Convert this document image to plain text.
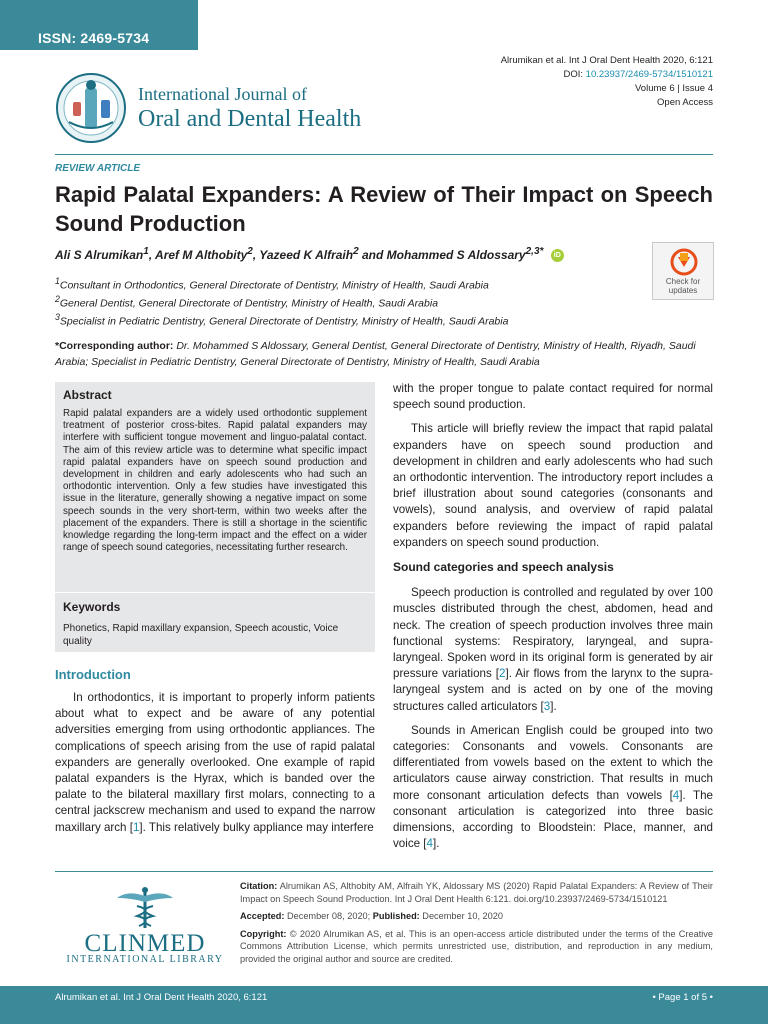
ISSN: 2469-5734
Alrumikan et al. Int J Oral Dent Health 2020, 6:121
DOI: 10.23937/2469-5734/1510121
Volume 6 | Issue 4
Open Access
International Journal of
Oral and Dental Health
REVIEW ARTICLE
Rapid Palatal Expanders: A Review of Their Impact on Speech Sound Production
Ali S Alrumikan$^1$, Aref M Althobity$^2$, Yazeed K Alfraih$^2$ and Mohammed S Aldossary$^{2,3*}$ iD
$^1$Consultant in Orthodontics, General Directorate of Dentistry, Ministry of Health, Saudi Arabia
$^2$General Dentist, General Directorate of Dentistry, Ministry of Health, Saudi Arabia
$^3$Specialist in Pediatric Dentistry, General Directorate of Dentistry, Ministry of Health, Saudi Arabia
Check for updates
*Corresponding author: Dr. Mohammed S Aldossary, General Dentist, General Directorate of Dentistry, Ministry of Health, Riyadh, Saudi Arabia; Specialist in Pediatric Dentistry, General Directorate of Dentistry, Ministry of Health, Saudi Arabia
Abstract
Rapid palatal expanders are a widely used orthodontic supplement treatment of posterior cross-bites. Rapid palatal expanders may interfere with sufficient tongue movement and linguo-palatal contact. The aim of this review article was to determine what specific impact rapid palatal expanders have on speech sound production and development in children and early adolescents who had such an orthodontic intervention. Only a few studies have investigated this issue in the literature, generally showing a negative impact on some speech sounds in the very short-term, within two weeks after the placement of the expanders. There is still a shortage in the scientific knowledge regarding the long-term impact and the effect on a wider range of speech sound categories, necessitating further research.
Keywords
Phonetics, Rapid maxillary expansion, Speech acoustic, Voice quality
Introduction

In orthodontics, it is important to properly inform patients about what to expect and be aware of any potential adversities emerging from using orthodontic appliances. The complications of speech arising from the use of rapid palatal expanders are generally overlooked. One example of rapid palatal expanders is the Hyrax, which is banded over the palate to the bilateral maxillary first molars, connecting to a central jackscrew mechanism and used to expand the narrow maxillary arch [1]. This relatively bulky appliance may interfere

with the proper tongue to palate contact required for normal speech sound production.

This article will briefly review the impact that rapid palatal expanders have on speech sound production and development in children and early adolescents who had such an orthodontic intervention. The introductory report includes a brief illustration about sound categories (consonants and vowels), sound analysis, and overview of rapid palatal expanders before reviewing the impact of rapid palatal expanders on speech sound production.

Sound categories and speech analysis

Speech production is controlled and regulated by over 100 muscles distributed through the chest, abdomen, head and neck. The creation of speech production involves three main functional systems: Respiratory, laryngeal, and supra-laryngeal. Spoken word in its original form is generated by air pressure variations [2]. Air flows from the larynx to the supra-laryngeal system and is acted on by one of the moving structures called articulators [3].

Sounds in American English could be grouped into two categories: Consonants and vowels. Consonants are differentiated from vowels based on the extent to which the articulators cause airway constriction. That results in much more consonant articulation defects than vowels [4]. The consonant articulation is categorized into three basic dimensions, according to Bloodstein: Place, manner, and voice [4].

CLINMED
INTERNATIONAL LIBRARY
Citation: Alrumikan AS, Althobity AM, Alfraih YK, Aldossary MS (2020) Rapid Palatal Expanders: A Review of Their Impact on Speech Sound Production. Int J Oral Dent Health 6:121. doi.org/10.23937/2469-5734/1510121
Accepted: December 08, 2020; Published: December 10, 2020
Copyright: © 2020 Alrumikan AS, et al. This is an open-access article distributed under the terms of the Creative Commons Attribution License, which permits unrestricted use, distribution, and reproduction in any medium, provided the original author and source are credited.
Alrumikan et al. Int J Oral Dent Health 2020, 6:121	• Page 1 of 5 •
